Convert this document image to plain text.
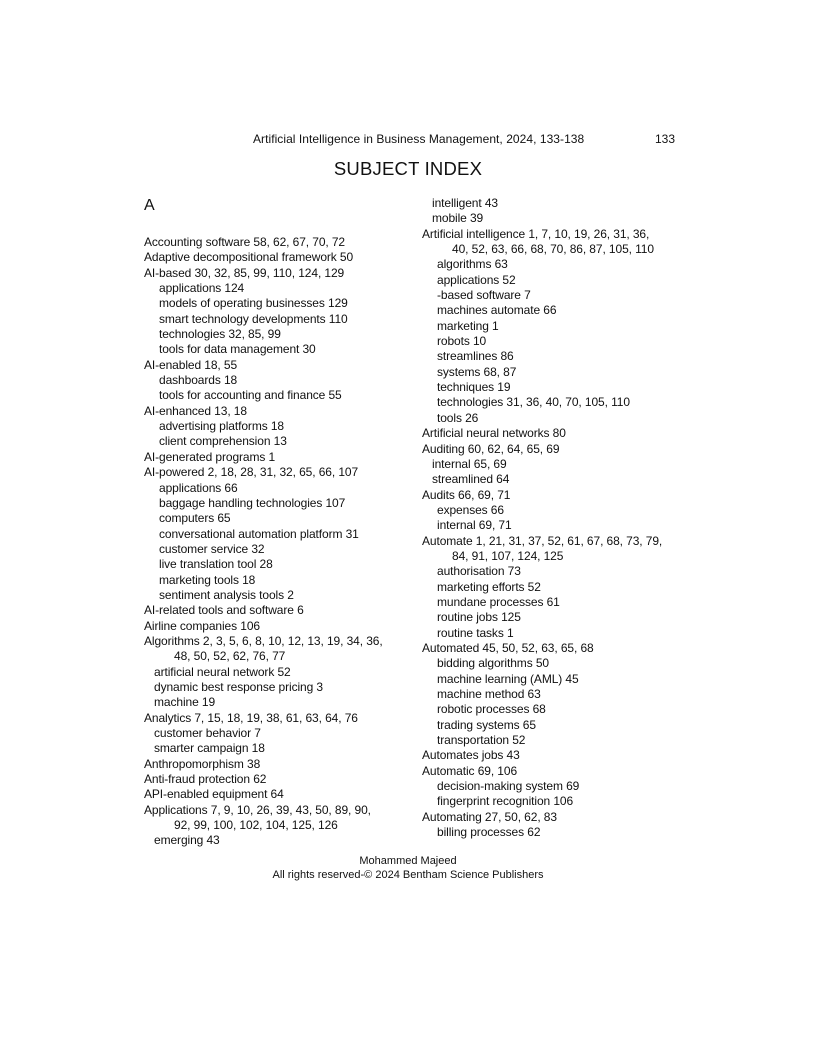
Artificial Intelligence in Business Management, 2024, 133-138	133
SUBJECT INDEX
A
Accounting software 58, 62, 67, 70, 72
Adaptive decompositional framework 50
AI-based 30, 32, 85, 99, 110, 124, 129
applications 124
models of operating businesses 129
smart technology developments 110
technologies 32, 85, 99
tools for data management 30
AI-enabled 18, 55
dashboards 18
tools for accounting and finance 55
AI-enhanced 13, 18
advertising platforms 18
client comprehension 13
AI-generated programs 1
AI-powered 2, 18, 28, 31, 32, 65, 66, 107
applications 66
baggage handling technologies 107
computers 65
conversational automation platform 31
customer service 32
live translation tool 28
marketing tools 18
sentiment analysis tools 2
AI-related tools and software 6
Airline companies 106
Algorithms 2, 3, 5, 6, 8, 10, 12, 13, 19, 34, 36,
48, 50, 52, 62, 76, 77
artificial neural network 52
dynamic best response pricing 3
machine 19
Analytics 7, 15, 18, 19, 38, 61, 63, 64, 76
customer behavior 7
smarter campaign 18
Anthropomorphism 38
Anti-fraud protection 62
API-enabled equipment 64
Applications 7, 9, 10, 26, 39, 43, 50, 89, 90,
92, 99, 100, 102, 104, 125, 126
emerging 43
intelligent 43
mobile 39
Artificial intelligence 1, 7, 10, 19, 26, 31, 36,
40, 52, 63, 66, 68, 70, 86, 87, 105, 110
algorithms 63
applications 52
-based software 7
machines automate 66
marketing 1
robots 10
streamlines 86
systems 68, 87
techniques 19
technologies 31, 36, 40, 70, 105, 110
tools 26
Artificial neural networks 80
Auditing 60, 62, 64, 65, 69
internal 65, 69
streamlined 64
Audits 66, 69, 71
expenses 66
internal 69, 71
Automate 1, 21, 31, 37, 52, 61, 67, 68, 73, 79,
84, 91, 107, 124, 125
authorisation 73
marketing efforts 52
mundane processes 61
routine jobs 125
routine tasks 1
Automated 45, 50, 52, 63, 65, 68
bidding algorithms 50
machine learning (AML) 45
machine method 63
robotic processes 68
trading systems 65
transportation 52
Automates jobs 43
Automatic 69, 106
decision-making system 69
fingerprint recognition 106
Automating 27, 50, 62, 83
billing processes 62
Mohammed Majeed
All rights reserved-© 2024 Bentham Science Publishers
